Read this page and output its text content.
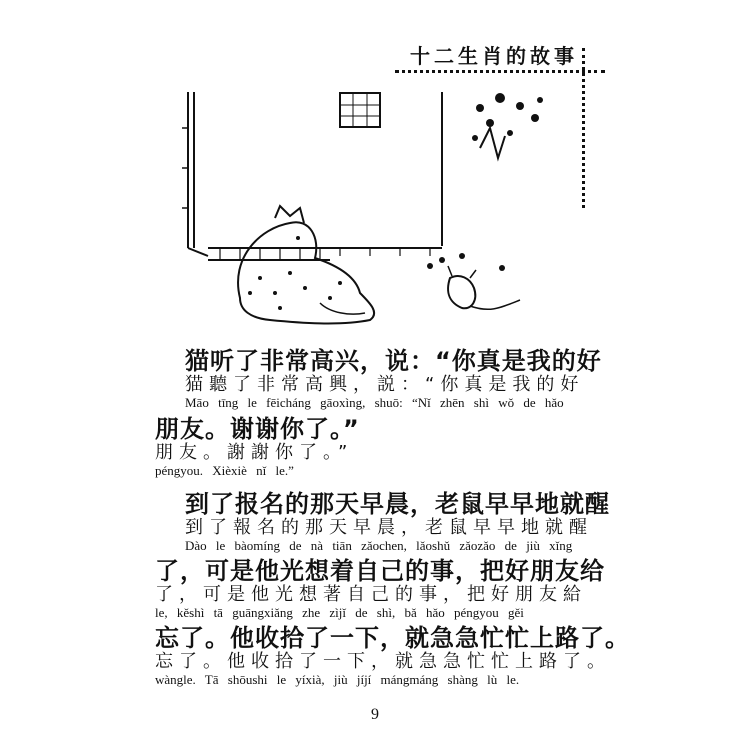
十二生肖的故事
猫听了非常高兴，说：“你真是我的好
猫聽了非常高興，説：“你真是我的好
Māo tīng le fēicháng gāoxìng, shuō: “Nǐ zhēn shì wǒ de hǎo
朋友。谢谢你了。”
朋友。謝謝你了。”
péngyou. Xièxiè nǐ le.”
到了报名的那天早晨，老鼠早早地就醒
到了報名的那天早晨，老鼠早早地就醒
Dào le bàomíng de nà tiān zǎochen, lǎoshǔ zǎozǎo de jiù xǐng
了，可是他光想着自己的事，把好朋友给
了，可是他光想著自己的事，把好朋友給
le, kěshì tā guāngxiǎng zhe zìjǐ de shì, bǎ hǎo péngyou gěi
忘了。他收拾了一下，就急急忙忙上路了。
忘了。他收拾了一下，就急急忙忙上路了。
wàngle. Tā shōushi le yíxià, jiù jíjí mángmáng shàng lù le.
9
